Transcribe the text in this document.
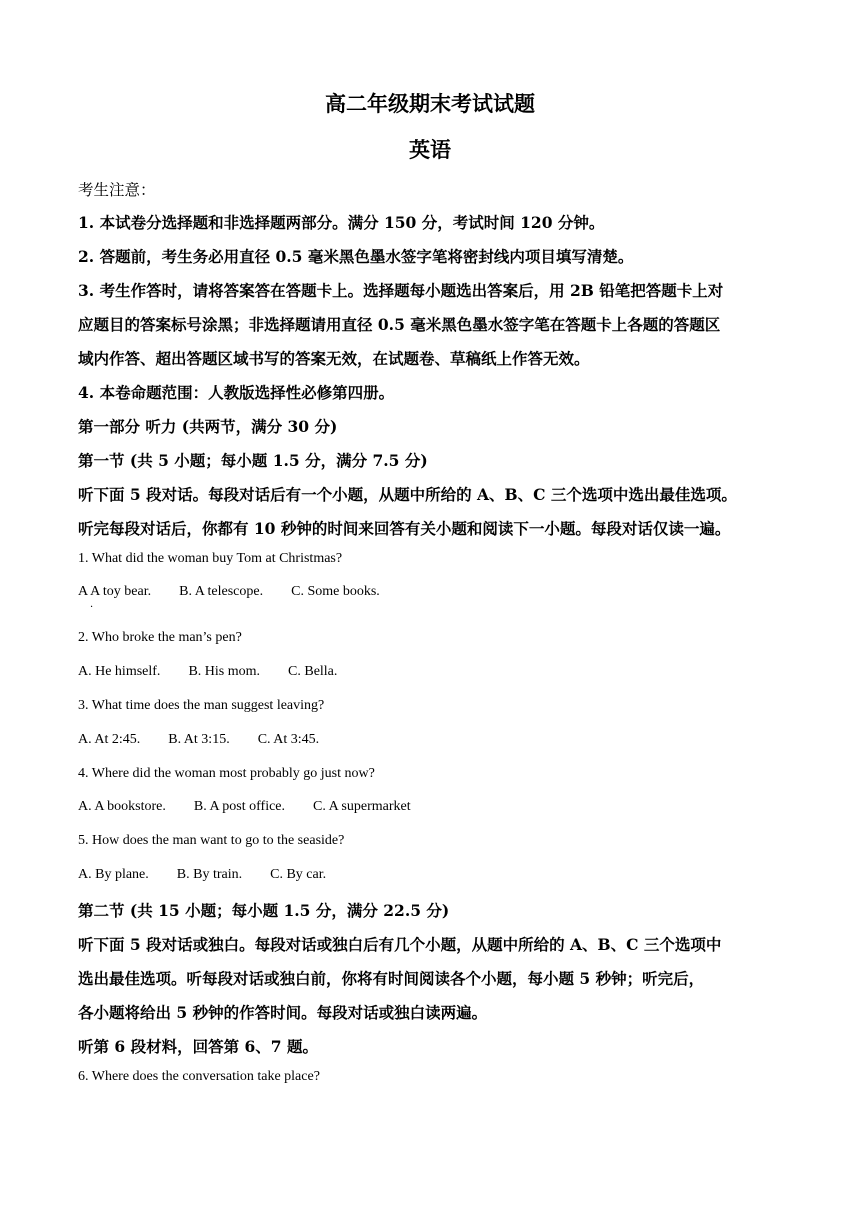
高二年级期末考试试题
英语
考生注意：
1. 本试卷分选择题和非选择题两部分。满分 150 分，考试时间 120 分钟。
2. 答题前，考生务必用直径 0.5 毫米黑色墨水签字笔将密封线内项目填写清楚。
3. 考生作答时，请将答案答在答题卡上。选择题每小题选出答案后，用 2B 铅笔把答题卡上对
应题目的答案标号涂黑；非选择题请用直径 0.5 毫米黑色墨水签字笔在答题卡上各题的答题区
域内作答、超出答题区域书写的答案无效，在试题卷、草稿纸上作答无效。
4. 本卷命题范围：人教版选择性必修第四册。
第一部分 听力 (共两节，满分 30 分)
第一节 (共 5 小题；每小题 1.5 分，满分 7.5 分)
听下面 5 段对话。每段对话后有一个小题，从题中所给的 A、B、C 三个选项中选出最佳选项。
听完每段对话后，你都有 10 秒钟的时间来回答有关小题和阅读下一小题。每段对话仅读一遍。
1. What did the woman buy Tom at Christmas?
A A toy bear. B. A telescope. C. Some books.
·
2. Who broke the man’s pen?
A. He himself. B. His mom. C. Bella.
3. What time does the man suggest leaving?
A. At 2:45. B. At 3:15. C. At 3:45.
4. Where did the woman most probably go just now?
A. A bookstore. B. A post office. C. A supermarket
5. How does the man want to go to the seaside?
A. By plane. B. By train. C. By car.
第二节 (共 15 小题；每小题 1.5 分，满分 22.5 分)
听下面 5 段对话或独白。每段对话或独白后有几个小题，从题中所给的 A、B、C 三个选项中
选出最佳选项。听每段对话或独白前，你将有时间阅读各个小题，每小题 5 秒钟；听完后，
各小题将给出 5 秒钟的作答时间。每段对话或独白读两遍。
听第 6 段材料，回答第 6、7 题。
6. Where does the conversation take place?
